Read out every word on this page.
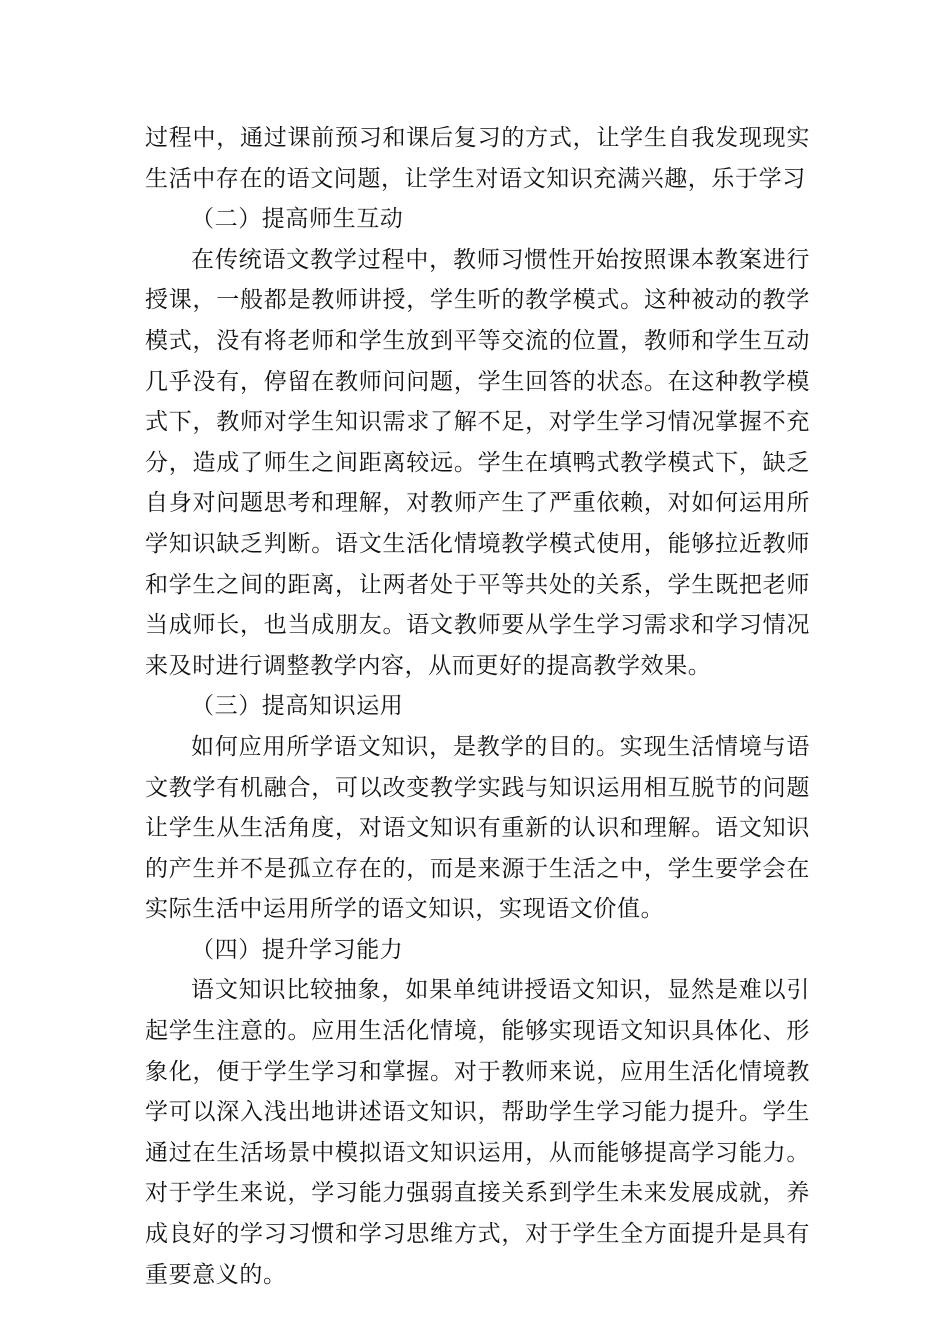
过程中，通过课前预习和课后复习的方式，让学生自我发现现实生活中存在的语文问题，让学生对语文知识充满兴趣，乐于学习

（二）提高师生互动

在传统语文教学过程中，教师习惯性开始按照课本教案进行授课，一般都是教师讲授，学生听的教学模式。这种被动的教学模式，没有将老师和学生放到平等交流的位置，教师和学生互动几乎没有，停留在教师问问题，学生回答的状态。在这种教学模式下，教师对学生知识需求了解不足，对学生学习情况掌握不充分，造成了师生之间距离较远。学生在填鸭式教学模式下，缺乏自身对问题思考和理解，对教师产生了严重依赖，对如何运用所学知识缺乏判断。语文生活化情境教学模式使用，能够拉近教师和学生之间的距离，让两者处于平等共处的关系，学生既把老师当成师长，也当成朋友。语文教师要从学生学习需求和学习情况来及时进行调整教学内容，从而更好的提高教学效果。

（三）提高知识运用

如何应用所学语文知识，是教学的目的。实现生活情境与语文教学有机融合，可以改变教学实践与知识运用相互脱节的问题让学生从生活角度，对语文知识有重新的认识和理解。语文知识的产生并不是孤立存在的，而是来源于生活之中，学生要学会在实际生活中运用所学的语文知识，实现语文价值。

（四）提升学习能力

语文知识比较抽象，如果单纯讲授语文知识，显然是难以引起学生注意的。应用生活化情境，能够实现语文知识具体化、形象化，便于学生学习和掌握。对于教师来说，应用生活化情境教学可以深入浅出地讲述语文知识，帮助学生学习能力提升。学生通过在生活场景中模拟语文知识运用，从而能够提高学习能力。对于学生来说，学习能力强弱直接关系到学生未来发展成就，养成良好的学习习惯和学习思维方式，对于学生全方面提升是具有重要意义的。
